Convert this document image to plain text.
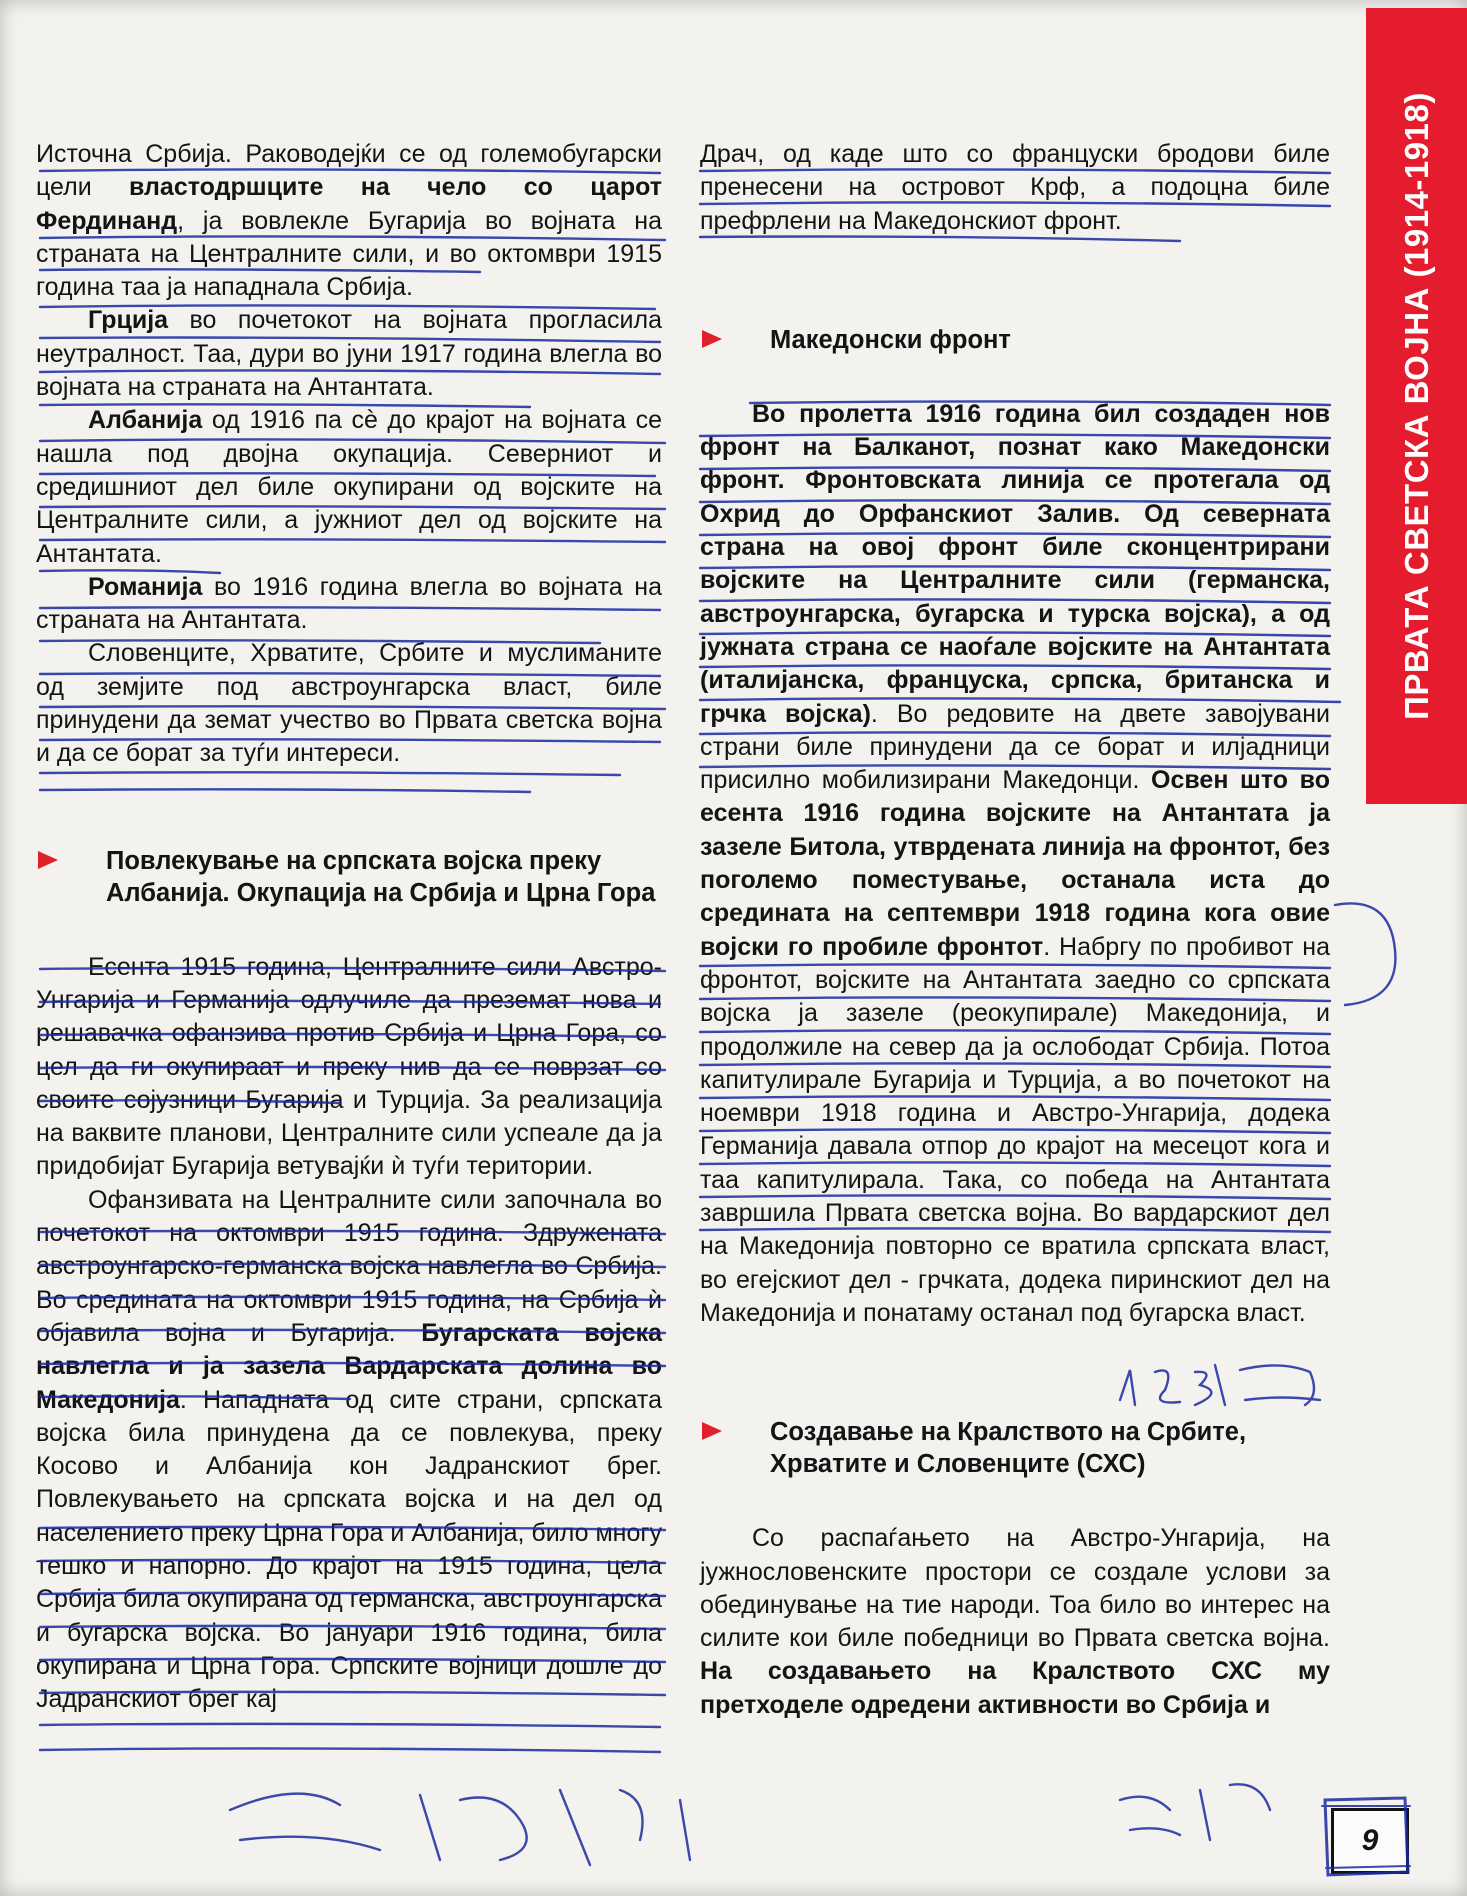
Источна Србија. Раководејќи се од големобугарски цели властодршците на чело со царот Фердинанд, ја вовлекле Бугарија во војната на страната на Централните сили, и во октомври 1915 година таа ја нападнала Србија.

Грција во почетокот на војната прогласила неутралност. Таа, дури во јуни 1917 година влегла во војната на страната на Антантата.

Албанија од 1916 па сѐ до крајот на војната се нашла под двојна окупација. Северниот и средишниот дел биле окупирани од војските на Централните сили, а јужниот дел од војските на Антантата.

Романија во 1916 година влегла во војната на страната на Антантата.

Словенците, Хрватите, Србите и муслиманите од земјите под австроунгарска власт, биле принудени да земат учество во Првата светска војна и да се борат за туѓи интереси.

Повлекување на српската војска преку
Албанија. Окупација на Србија и Црна Гора

Есента 1915 година, Централните сили Австро-Унгарија и Германија одлучиле да преземат нова и решавачка офанзива против Србија и Црна Гора, со цел да ги окупираат и преку нив да се поврзат со своите сојузници Бугарија и Турција. За реализација на ваквите планови, Централните сили успеале да ја придобијат Бугарија ветувајќи ѝ туѓи територии.

Офанзивата на Централните сили започнала во почетокот на октомври 1915 година. Здружената австроунгарско-германска војска навлегла во Србија. Во средината на октомври 1915 година, на Србија ѝ објавила војна и Бугарија. Бугарската војска навлегла и ја зазела Вардарската долина во Македонија. Нападната од сите страни, српската војска била принудена да се повлекува, преку Косово и Албанија кон Јадранскиот брег. Повлекувањето на српската војска и на дел од населението преку Црна Гора и Албанија, било многу тешко и напорно. До крајот на 1915 година, цела Србија била окупирана од германска, австроунгарска и бугарска војска. Во јануари 1916 година, била окупирана и Црна Гора. Српските војници дошле до Јадранскиот брег кај

Драч, од каде што со француски бродови биле пренесени на островот Крф, а подоцна биле префрлени на Македонскиот фронт.

Македонски фронт

Во пролетта 1916 година бил создаден нов фронт на Балканот, познат како Македонски фронт. Фронтовската линија се протегала од Охрид до Орфанскиот Залив. Од северната страна на овој фронт биле сконцентрирани војските на Централните сили (германска, австроунгарска, бугарска и турска војска), а од јужната страна се наоѓале војските на Антантата (италијанска, француска, српска, британска и грчка војска). Во редовите на двете завојувани страни биле принудени да се борат и илјадници присилно мобилизирани Македонци. Освен што во есента 1916 година војските на Антантата ја зазеле Битола, утврдената линија на фронтот, без поголемо поместување, останала иста до средината на септември 1918 година кога овие војски го пробиле фронтот. Набргу по пробивот на фронтот, војските на Антантата заедно со српската војска ја зазеле (реокупирале) Македонија, и продолжиле на север да ја ослободат Србија. Потоа капитулирале Бугарија и Турција, а во почетокот на ноември 1918 година и Австро-Унгарија, додека Германија давала отпор до крајот на месецот кога и таа капитулирала. Така, со победа на Антантата завршила Првата светска војна. Во вардарскиот дел на Македонија повторно се вратила српската власт, во егејскиот дел - грчката, додека пиринскиот дел на Македонија и понатаму останал под бугарска власт.

Создавање на Кралството на Србите,
Хрватите и Словенците (СХС)

Со распаѓањето на Австро-Унгарија, на јужнословенските простори се создале услови за обединување на тие народи. Тоа било во интерес на силите кои биле победници во Првата светска војна. На создавањето на Кралството СХС му претходеле одредени активности во Србија и

ПРВАТА СВЕТСКА ВОЈНА (1914-1918)
9
